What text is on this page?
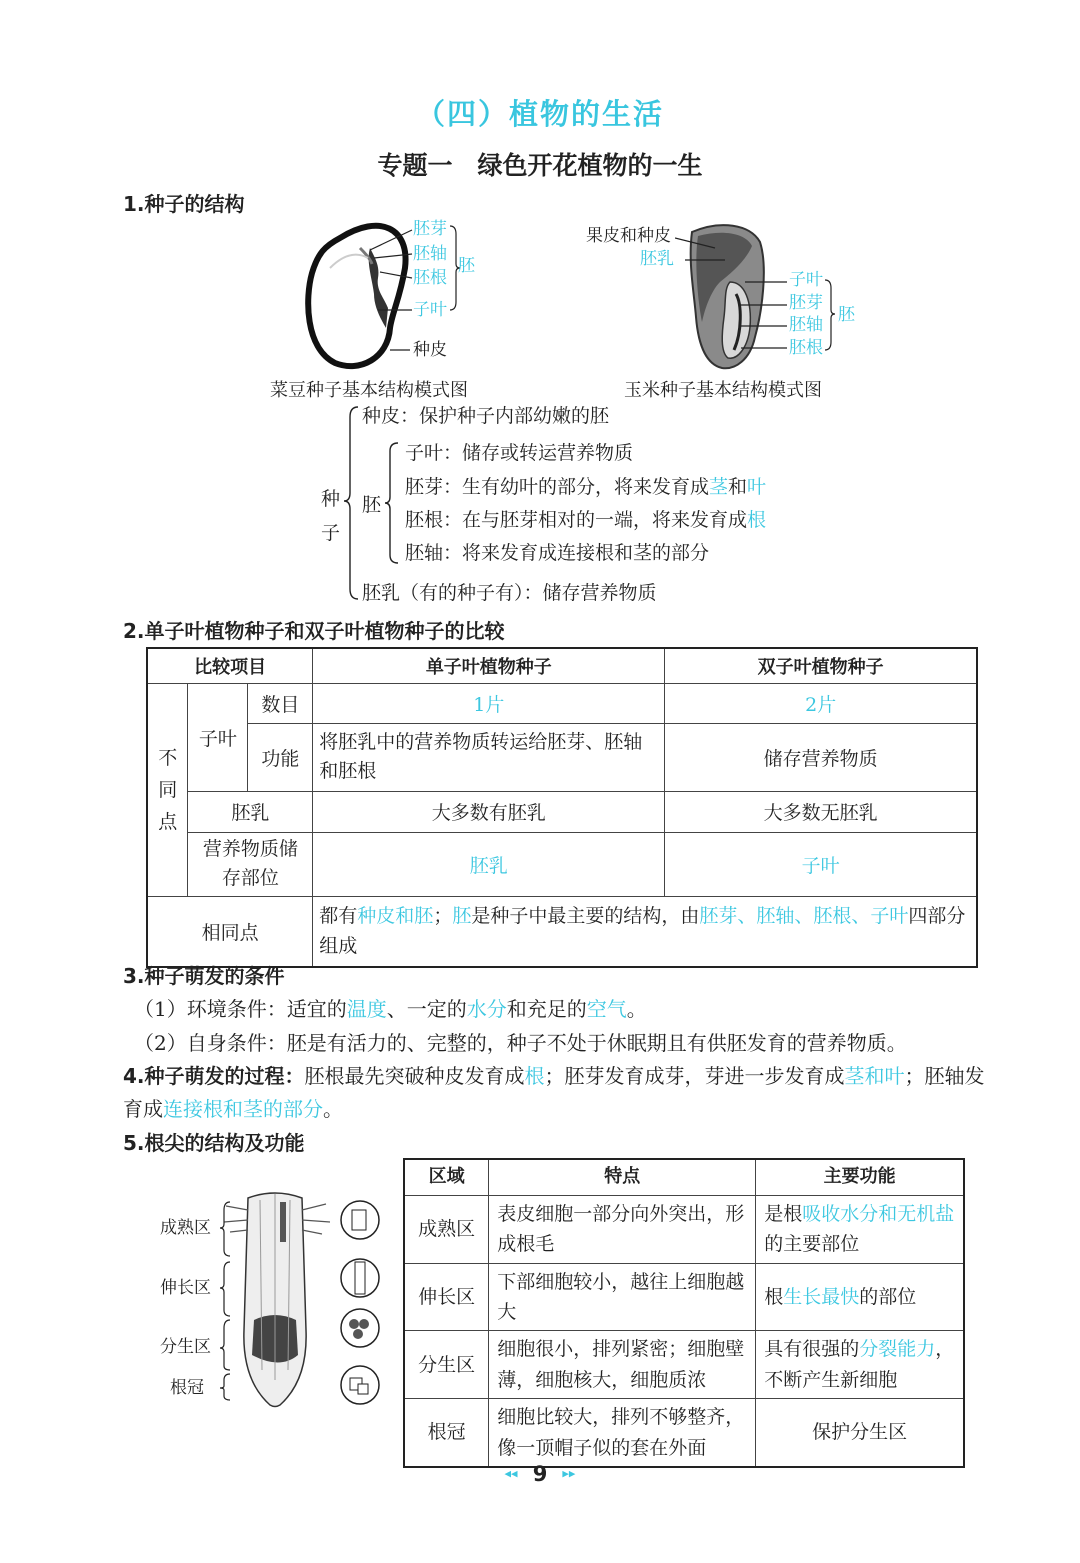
（四）植物的生活
专题一　绿色开花植物的一生
1.种子的结构
胚芽
胚轴
胚根
子叶
胚
种皮
菜豆种子基本结构模式图
果皮和种皮
胚乳
子叶
胚芽
胚轴
胚根
胚
玉米种子基本结构模式图
种子
种皮：保护种子内部幼嫩的胚
胚
子叶：储存或转运营养物质
胚芽：生有幼叶的部分，将来发育成茎和叶
胚根：在与胚芽相对的一端，将来发育成根
胚轴：将来发育成连接根和茎的部分
胚乳（有的种子有）：储存营养物质
2.单子叶植物种子和双子叶植物种子的比较
比较项目			单子叶植物种子	双子叶植物种子
不同点	子叶	数目	1片	2片
		功能	将胚乳中的营养物质转运给胚芽、胚轴和胚根	储存营养物质
	胚乳		大多数有胚乳	大多数无胚乳
	营养物质储存部位		胚乳	子叶

相同点			都有种皮和胚；胚是种子中最主要的结构，由胚芽、胚轴、胚根、子叶四部分组成	
3.种子萌发的条件
（1）环境条件：适宜的温度、一定的水分和充足的空气。
（2）自身条件：胚是有活力的、完整的，种子不处于休眠期且有供胚发育的营养物质。
4.种子萌发的过程：胚根最先突破种皮发育成根；胚芽发育成芽，芽进一步发育成茎和叶；胚轴发育成连接根和茎的部分。
5.根尖的结构及功能
成熟区
伸长区
分生区
根冠
区域	特点	主要功能
成熟区	表皮细胞一部分向外突出，形成根毛	是根吸收水分和无机盐的主要部位
伸长区	下部细胞较小，越往上细胞越大	根生长最快的部位
分生区	细胞很小，排列紧密；细胞壁薄，细胞核大，细胞质浓	具有很强的分裂能力，不断产生新细胞
根冠	细胞比较大，排列不够整齐，像一顶帽子似的套在外面	保护分生区
◂◂ 9 ▸▸
